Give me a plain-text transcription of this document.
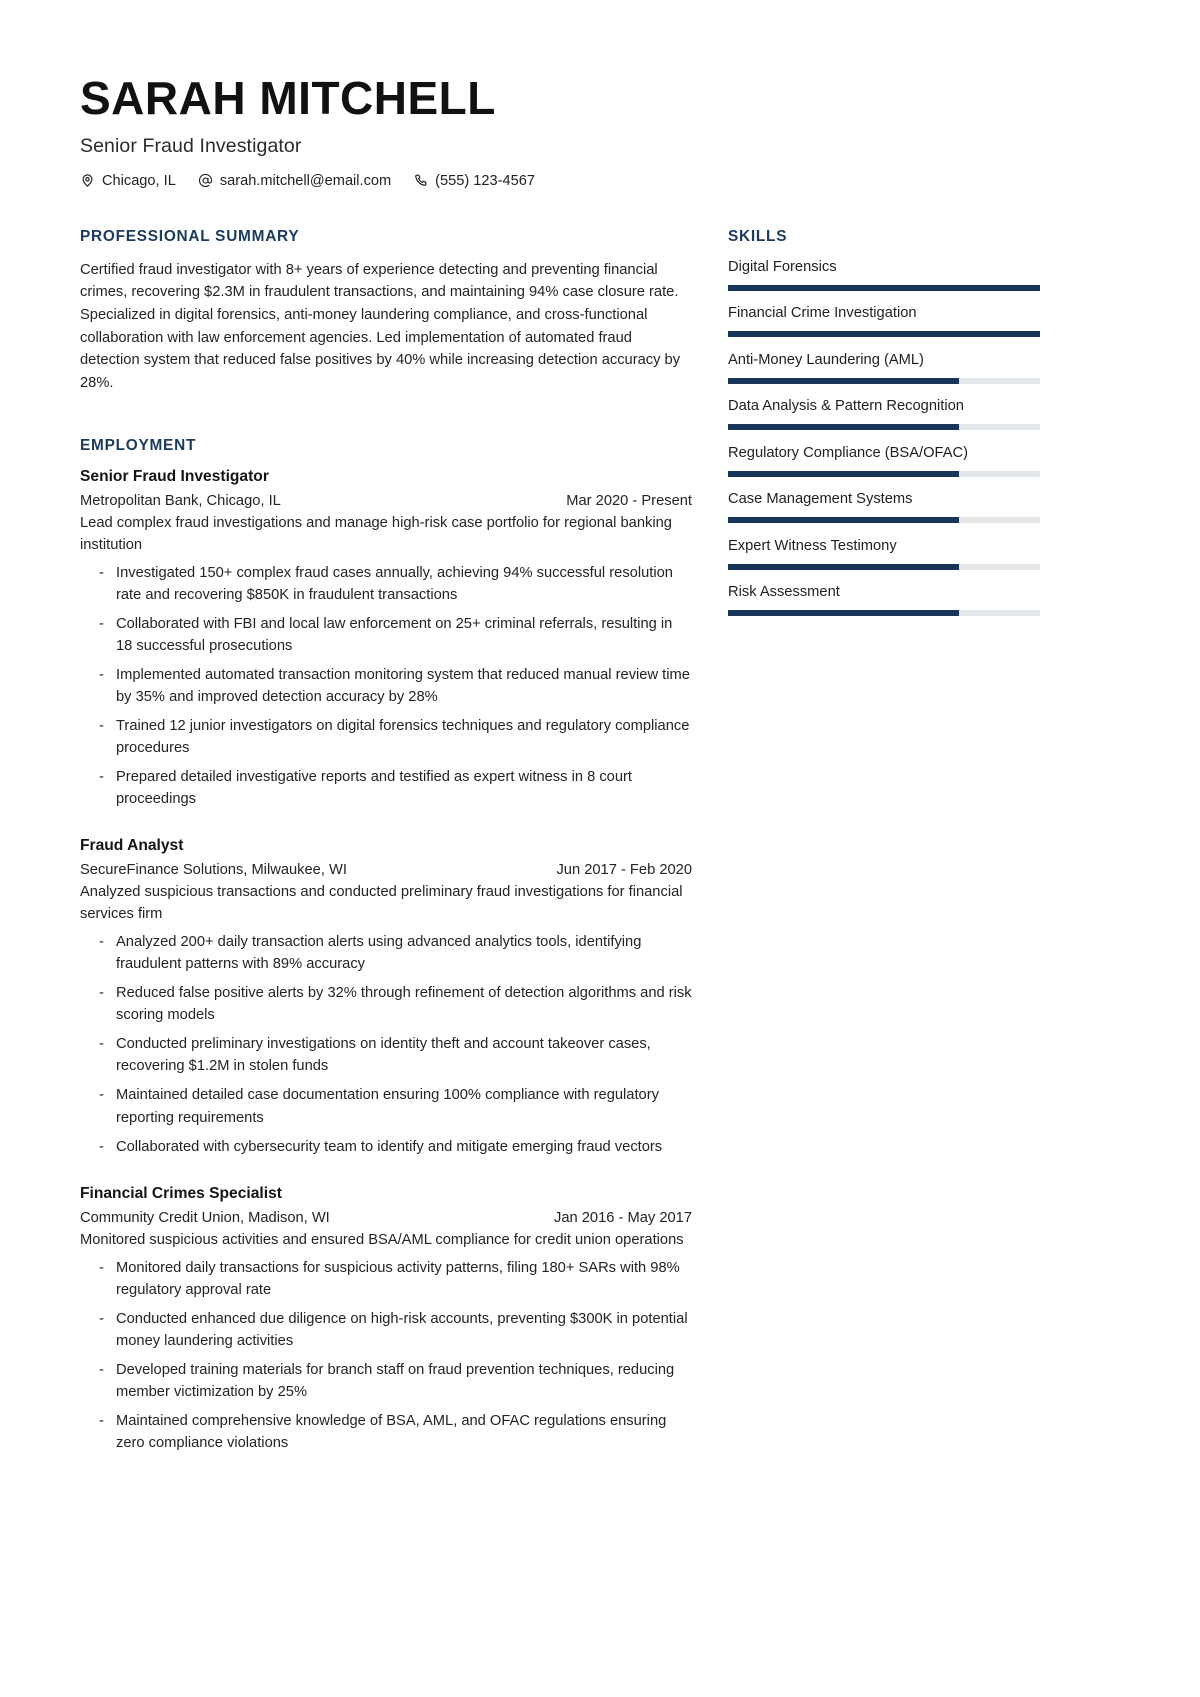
SARAH MITCHELL
Senior Fraud Investigator
Chicago, IL	sarah.mitchell@email.com	(555) 123-4567
PROFESSIONAL SUMMARY

Certified fraud investigator with 8+ years of experience detecting and preventing financial crimes, recovering $2.3M in fraudulent transactions, and maintaining 94% case closure rate. Specialized in digital forensics, anti-money laundering compliance, and cross-functional collaboration with law enforcement agencies. Led implementation of automated fraud detection system that reduced false positives by 40% while increasing detection accuracy by 28%.

EMPLOYMENT
Senior Fraud Investigator
Metropolitan Bank, Chicago, IL	Mar 2020 - Present
Lead complex fraud investigations and manage high-risk case portfolio for regional banking institution
- Investigated 150+ complex fraud cases annually, achieving 94% successful resolution rate and recovering $850K in fraudulent transactions
- Collaborated with FBI and local law enforcement on 25+ criminal referrals, resulting in 18 successful prosecutions
- Implemented automated transaction monitoring system that reduced manual review time by 35% and improved detection accuracy by 28%
- Trained 12 junior investigators on digital forensics techniques and regulatory compliance procedures
- Prepared detailed investigative reports and testified as expert witness in 8 court proceedings
Fraud Analyst
SecureFinance Solutions, Milwaukee, WI	Jun 2017 - Feb 2020
Analyzed suspicious transactions and conducted preliminary fraud investigations for financial services firm
- Analyzed 200+ daily transaction alerts using advanced analytics tools, identifying fraudulent patterns with 89% accuracy
- Reduced false positive alerts by 32% through refinement of detection algorithms and risk scoring models
- Conducted preliminary investigations on identity theft and account takeover cases, recovering $1.2M in stolen funds
- Maintained detailed case documentation ensuring 100% compliance with regulatory reporting requirements
- Collaborated with cybersecurity team to identify and mitigate emerging fraud vectors
Financial Crimes Specialist
Community Credit Union, Madison, WI	Jan 2016 - May 2017
Monitored suspicious activities and ensured BSA/AML compliance for credit union operations
- Monitored daily transactions for suspicious activity patterns, filing 180+ SARs with 98% regulatory approval rate
- Conducted enhanced due diligence on high-risk accounts, preventing $300K in potential money laundering activities
- Developed training materials for branch staff on fraud prevention techniques, reducing member victimization by 25%
- Maintained comprehensive knowledge of BSA, AML, and OFAC regulations ensuring zero compliance violations
SKILLS
Digital Forensics
Financial Crime Investigation
Anti-Money Laundering (AML)
Data Analysis & Pattern Recognition
Regulatory Compliance (BSA/OFAC)
Case Management Systems
Expert Witness Testimony
Risk Assessment
